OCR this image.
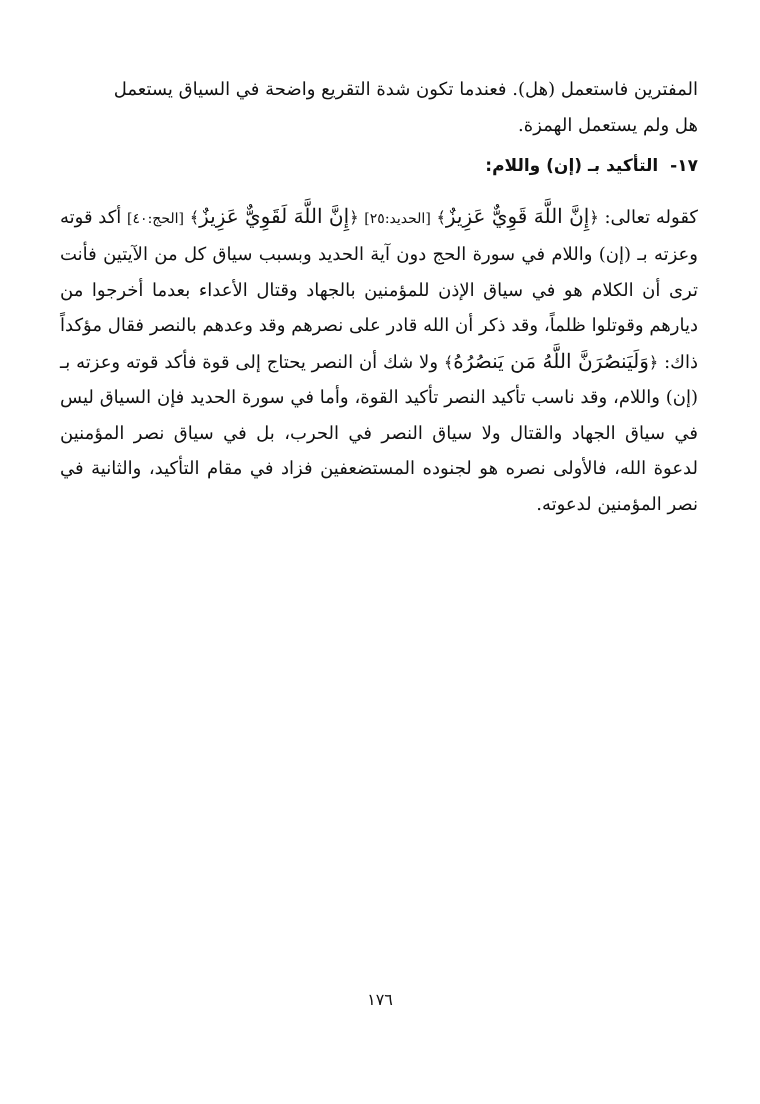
المفترين فاستعمل (هل). فعندما تكون شدة التقريع واضحة في السياق يستعمل
هل ولم يستعمل الهمزة.

١٧- التأكيد بـ (إن) واللام:

كقوله تعالى: ﴿إِنَّ اللَّهَ قَوِيٌّ عَزِيزٌ﴾ [الحديد:٢٥] ﴿إِنَّ اللَّهَ لَقَوِيٌّ عَزِيزٌ﴾ [الحج:٤٠] أكد قوته وعزته بـ (إن) واللام في سورة الحج دون آية الحديد وبسبب سياق كل من الآيتين فأنت ترى أن الكلام هو في سياق الإذن للمؤمنين بالجهاد وقتال الأعداء بعدما أخرجوا من ديارهم وقوتلوا ظلماً، وقد ذكر أن الله قادر على نصرهم وقد وعدهم بالنصر فقال مؤكداً ذاك: ﴿وَلَيَنصُرَنَّ اللَّهُ مَن يَنصُرُهُ﴾ ولا شك أن النصر يحتاج إلى قوة فأكد قوته وعزته بـ (إن) واللام، وقد ناسب تأكيد النصر تأكيد القوة، وأما في سورة الحديد فإن السياق ليس في سياق الجهاد والقتال ولا سياق النصر في الحرب، بل في سياق نصر المؤمنين لدعوة الله، فالأولى نصره هو لجنوده المستضعفين فزاد في مقام التأكيد، والثانية في نصر المؤمنين لدعوته.

١٧٦
